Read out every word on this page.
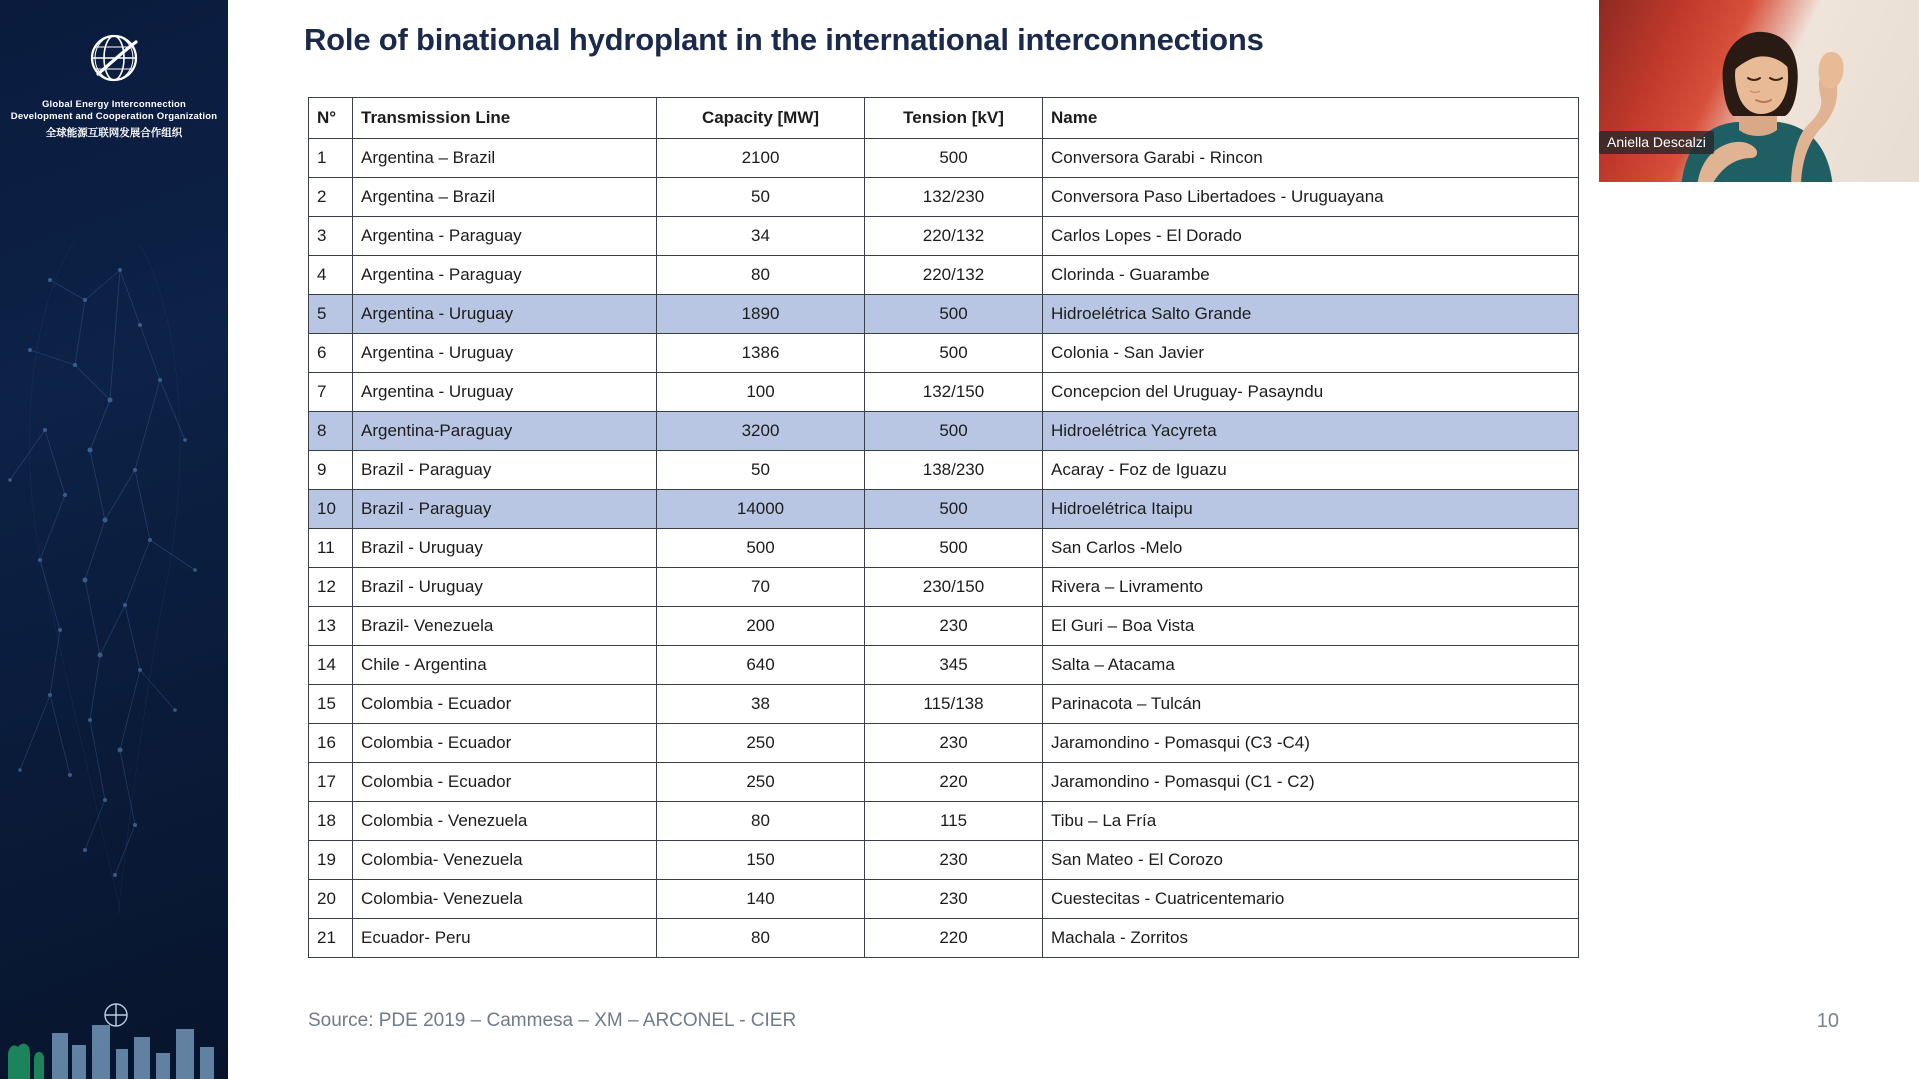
Global Energy Interconnection
Development and Cooperation Organization
全球能源互联网发展合作组织
Role of binational hydroplant in the international interconnections
N°	Transmission Line	Capacity [MW]	Tension [kV]	Name
1	Argentina – Brazil	2100	500	Conversora Garabi - Rincon
2	Argentina – Brazil	50	132/230	Conversora Paso Libertadoes - Uruguayana
3	Argentina - Paraguay	34	220/132	Carlos Lopes - El Dorado
4	Argentina - Paraguay	80	220/132	Clorinda - Guarambe
5	Argentina - Uruguay	1890	500	Hidroelétrica Salto Grande
6	Argentina - Uruguay	1386	500	Colonia - San Javier
7	Argentina - Uruguay	100	132/150	Concepcion del Uruguay- Pasayndu
8	Argentina-Paraguay	3200	500	Hidroelétrica Yacyreta
9	Brazil - Paraguay	50	138/230	Acaray - Foz de Iguazu
10	Brazil - Paraguay	14000	500	Hidroelétrica Itaipu
11	Brazil - Uruguay	500	500	San Carlos -Melo
12	Brazil - Uruguay	70	230/150	Rivera – Livramento
13	Brazil- Venezuela	200	230	El Guri – Boa Vista
14	Chile - Argentina	640	345	Salta – Atacama
15	Colombia - Ecuador	38	115/138	Parinacota – Tulcán
16	Colombia - Ecuador	250	230	Jaramondino - Pomasqui (C3 -C4)
17	Colombia - Ecuador	250	220	Jaramondino - Pomasqui (C1 - C2)
18	Colombia - Venezuela	80	115	Tibu – La Fría
19	Colombia- Venezuela	150	230	San Mateo - El Corozo
20	Colombia- Venezuela	140	230	Cuestecitas - Cuatricentemario
21	Ecuador- Peru	80	220	Machala - Zorritos
Source: PDE 2019 – Cammesa – XM – ARCONEL - CIER	10
Aniella Descalzi
